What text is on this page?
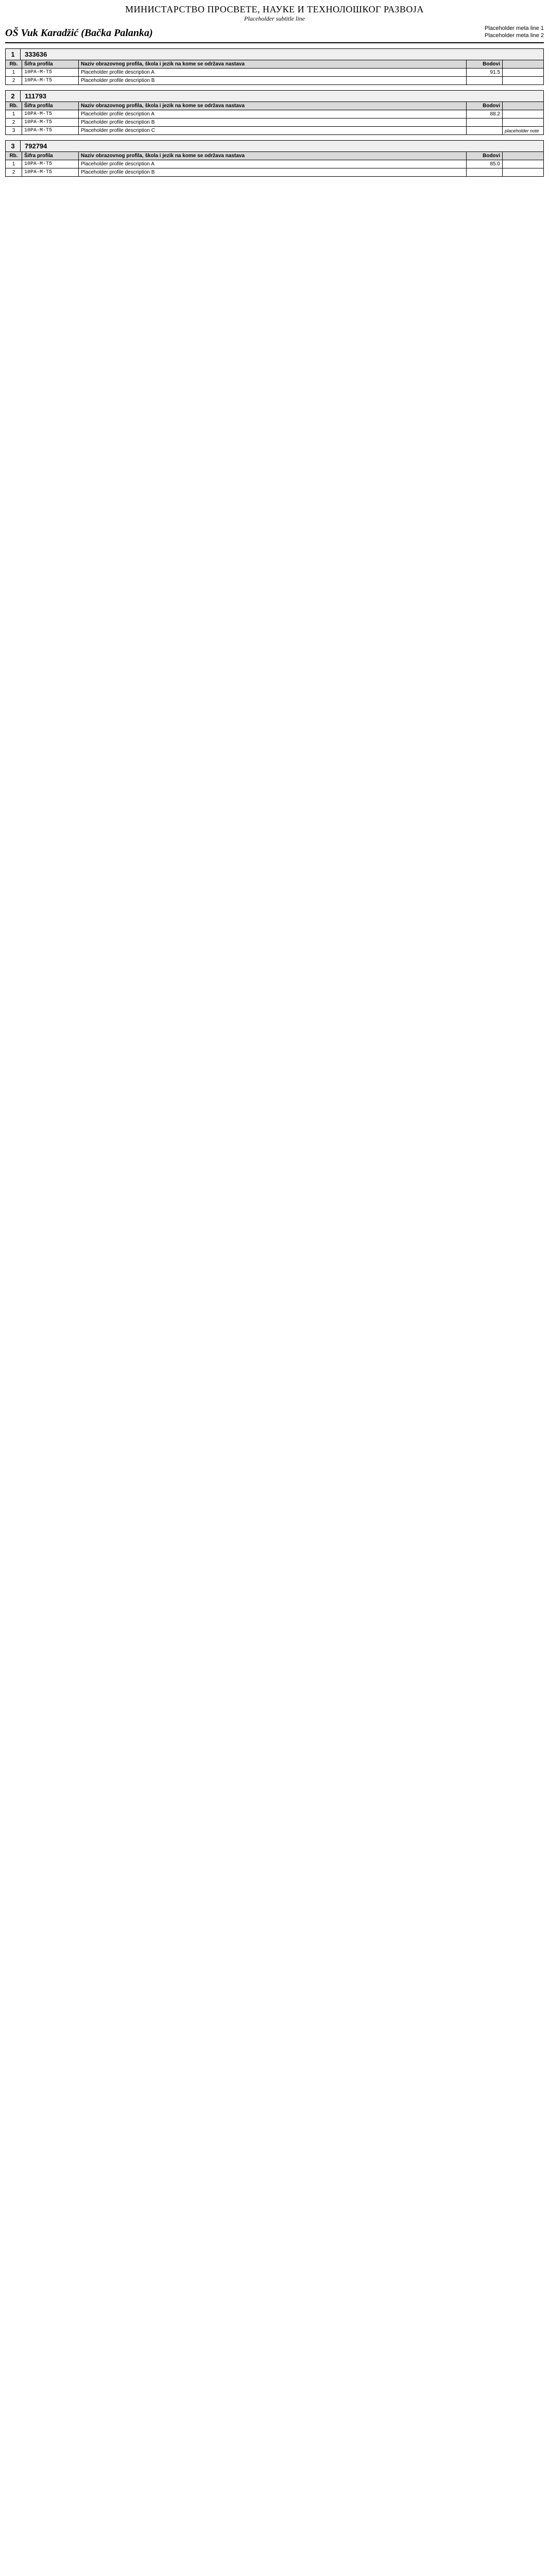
МИНИСТАРСТВО ПРОСВЕТЕ, НАУКЕ И ТЕХНОЛОШКОГ РАЗВОЈА
Placeholder subtitle line
OŠ Vuk Karadžić (Bačka Palanka)	Placeholder meta line 1
Placeholder meta line 2
1	333636
Rb.	Šifra profila	Naziv obrazovnog profila, škola i jezik na kome se održava nastava	Bodovi	
1	10PA-M-T5	Placeholder profile description A	91.5	
2	10PA-M-T5	Placeholder profile description B		
2	111793
Rb.	Šifra profila	Naziv obrazovnog profila, škola i jezik na kome se održava nastava	Bodovi	
1	10PA-M-T5	Placeholder profile description A	88.2	
2	10PA-M-T5	Placeholder profile description B		
3	10PA-M-T5	Placeholder profile description C		placeholder note
3	792794
Rb.	Šifra profila	Naziv obrazovnog profila, škola i jezik na kome se održava nastava	Bodovi	
1	10PA-M-T5	Placeholder profile description A	85.0	
2	10PA-M-T5	Placeholder profile description B		
